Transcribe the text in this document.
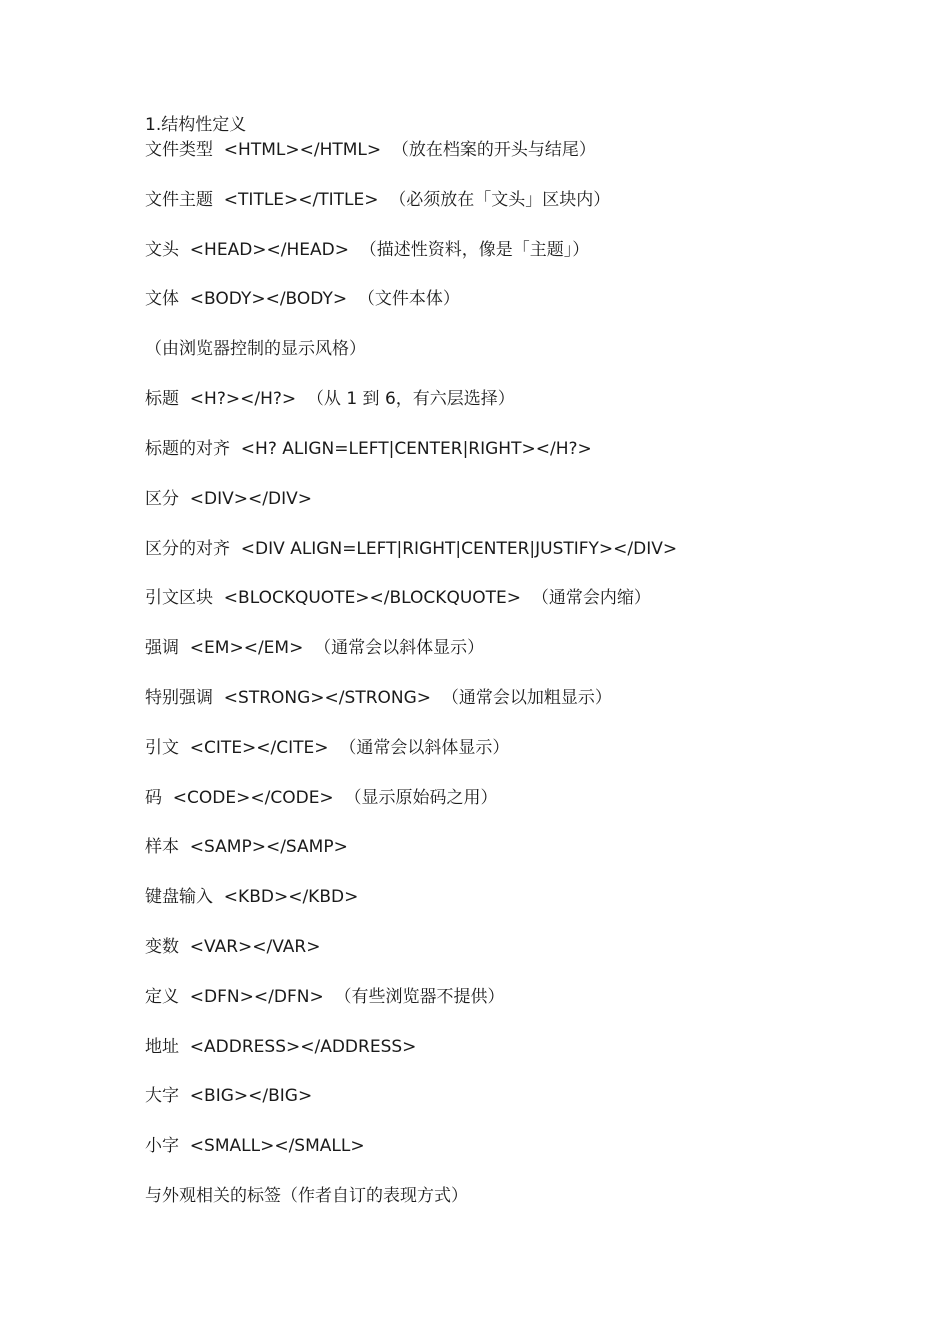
1.结构性定义
文件类型  <HTML></HTML>  （放在档案的开头与结尾）
文件主题  <TITLE></TITLE>  （必须放在「文头」区块内）
文头  <HEAD></HEAD>  （描述性资料，像是「主题」）
文体  <BODY></BODY>  （文件本体）
（由浏览器控制的显示风格）
标题  <H?></H?>  （从 1 到 6，有六层选择）
标题的对齐  <H? ALIGN=LEFT|CENTER|RIGHT></H?>
区分  <DIV></DIV>
区分的对齐  <DIV ALIGN=LEFT|RIGHT|CENTER|JUSTIFY></DIV>
引文区块  <BLOCKQUOTE></BLOCKQUOTE>  （通常会内缩）
强调  <EM></EM>  （通常会以斜体显示）
特别强调  <STRONG></STRONG>  （通常会以加粗显示）
引文  <CITE></CITE>  （通常会以斜体显示）
码  <CODE></CODE>  （显示原始码之用）
样本  <SAMP></SAMP>
键盘输入  <KBD></KBD>
变数  <VAR></VAR>
定义  <DFN></DFN>  （有些浏览器不提供）
地址  <ADDRESS></ADDRESS>
大字  <BIG></BIG>
小字  <SMALL></SMALL>
与外观相关的标签（作者自订的表现方式）
